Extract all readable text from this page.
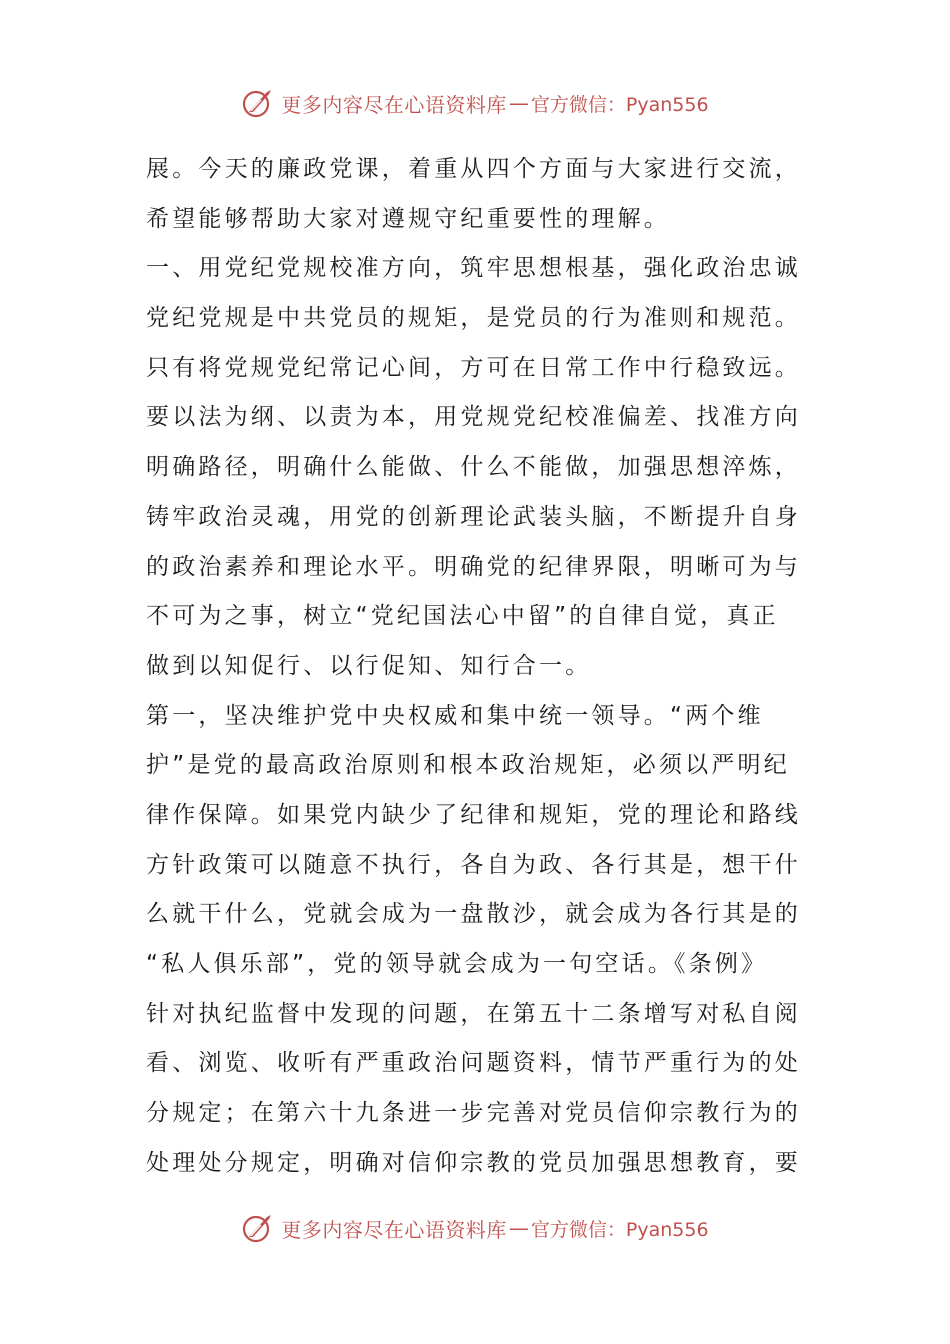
更多内容尽在心语资料库 — 官方微信：Pyan556
展。今天的廉政党课，着重从四个方面与大家进行交流，
希望能够帮助大家对遵规守纪重要性的理解。
一、用党纪党规校准方向，筑牢思想根基，强化政治忠诚
党纪党规是中共党员的规矩，是党员的行为准则和规范。
只有将党规党纪常记心间，方可在日常工作中行稳致远。
要以法为纲、以责为本，用党规党纪校准偏差、找准方向
明确路径，明确什么能做、什么不能做，加强思想淬炼，
铸牢政治灵魂，用党的创新理论武装头脑，不断提升自身
的政治素养和理论水平。明确党的纪律界限，明晰可为与
不可为之事，树立“党纪国法心中留”的自律自觉，真正
做到以知促行、以行促知、知行合一。
第一，坚决维护党中央权威和集中统一领导。“两个维
护”是党的最高政治原则和根本政治规矩，必须以严明纪
律作保障。如果党内缺少了纪律和规矩，党的理论和路线
方针政策可以随意不执行，各自为政、各行其是，想干什
么就干什么，党就会成为一盘散沙，就会成为各行其是的
“私人俱乐部”，党的领导就会成为一句空话。《条例》
针对执纪监督中发现的问题，在第五十二条增写对私自阅
看、浏览、收听有严重政治问题资料，情节严重行为的处
分规定；在第六十九条进一步完善对党员信仰宗教行为的
处理处分规定，明确对信仰宗教的党员加强思想教育，要
更多内容尽在心语资料库 — 官方微信：Pyan556
